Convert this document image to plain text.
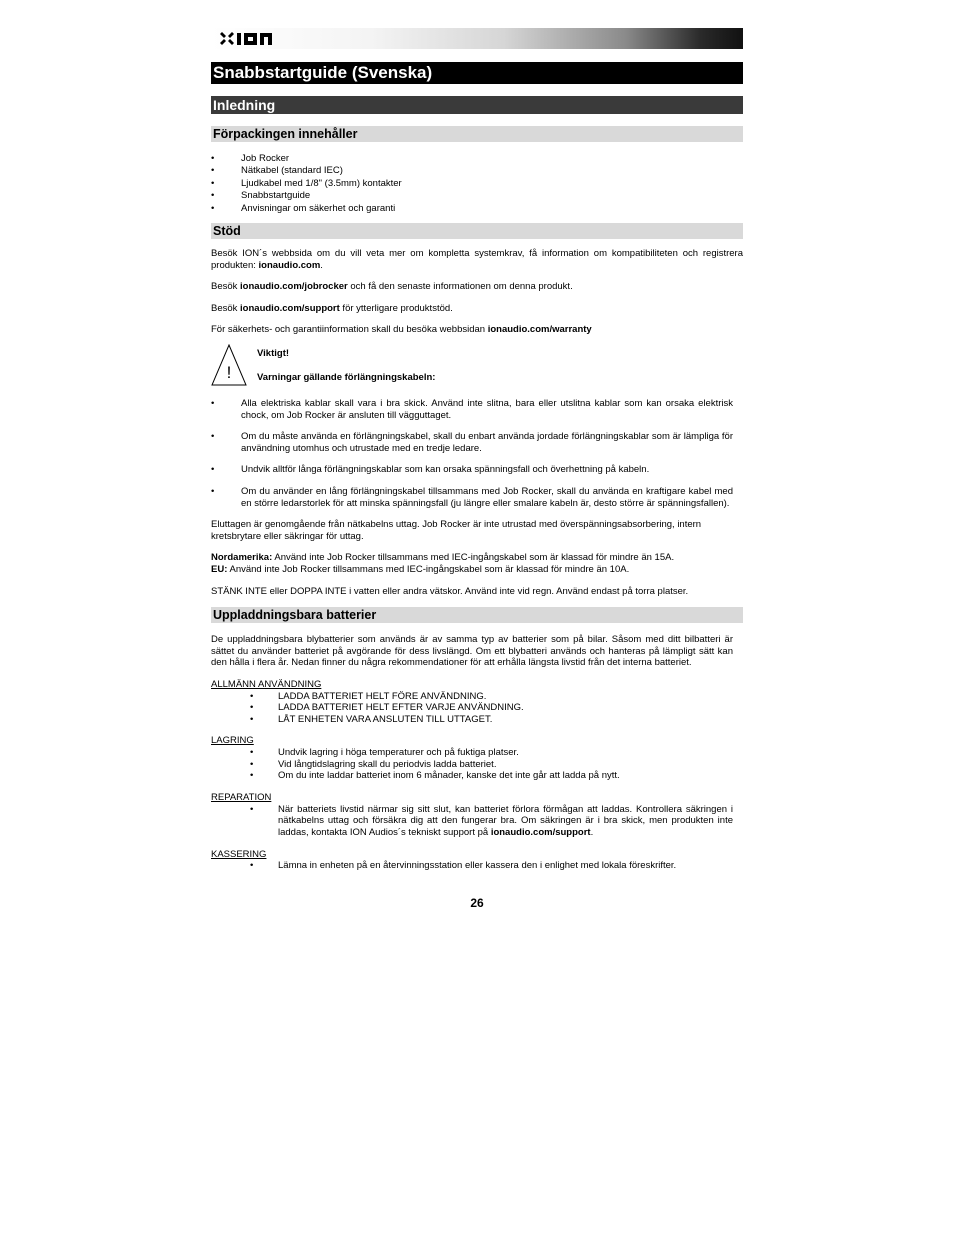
Snabbstartguide (Svenska)
Inledning
Förpackingen innehåller
•	Job Rocker
•	Nätkabel (standard IEC)
•	Ljudkabel med 1/8" (3.5mm) kontakter
•	Snabbstartguide
•	Anvisningar om säkerhet och garanti
Stöd

Besök ION´s webbsida om du vill veta mer om kompletta systemkrav, få information om kompatibiliteten och registrera produkten: ionaudio.com.

Besök ionaudio.com/jobrocker och få den senaste informationen om denna produkt.

Besök ionaudio.com/support för ytterligare produktstöd.

För säkerhets- och garantiinformation skall du besöka webbsidan ionaudio.com/warranty

!
Viktigt!
Varningar gällande förlängningskabeln:
•	Alla elektriska kablar skall vara i bra skick. Använd inte slitna, bara eller utslitna kablar som kan orsaka elektrisk chock, om Job Rocker är ansluten till vägguttaget.
•	Om du måste använda en förlängningskabel, skall du enbart använda jordade förlängningskablar som är lämpliga för användning utomhus och utrustade med en tredje ledare.
•	Undvik alltför långa förlängningskablar som kan orsaka spänningsfall och överhettning på kabeln.
•	Om du använder en lång förlängningskabel tillsammans med Job Rocker, skall du använda en kraftigare kabel med en större ledarstorlek för att minska spänningsfall (ju längre eller smalare kabeln är, desto större är spänningsfallen).

Eluttagen är genomgående från nätkabelns uttag. Job Rocker är inte utrustad med överspänningsabsorbering, intern kretsbrytare eller säkringar för uttag.

Nordamerika: Använd inte Job Rocker tillsammans med IEC-ingångskabel som är klassad för mindre än 15A.
EU: Använd inte Job Rocker tillsammans med IEC-ingångskabel som är klassad för mindre än 10A.

STÄNK INTE eller DOPPA INTE i vatten eller andra vätskor. Använd inte vid regn. Använd endast på torra platser.

Uppladdningsbara batterier

De uppladdningsbara blybatterier som används är av samma typ av batterier som på bilar. Såsom med ditt bilbatteri är sättet du använder batteriet på avgörande för dess livslängd. Om ett blybatteri används och hanteras på lämpligt sätt kan den hålla i flera år. Nedan finner du några rekommendationer för att erhålla längsta livstid från det interna batteriet.

ALLMÄNN ANVÄNDNING
•	LADDA BATTERIET HELT FÖRE ANVÄNDNING.
•	LADDA BATTERIET HELT EFTER VARJE ANVÄNDNING.
•	LÅT ENHETEN VARA ANSLUTEN TILL UTTAGET.
LAGRING
•	Undvik lagring i höga temperaturer och på fuktiga platser.
•	Vid långtidslagring skall du periodvis ladda batteriet.
•	Om du inte laddar batteriet inom 6 månader, kanske det inte går att ladda på nytt.
REPARATION
•	När batteriets livstid närmar sig sitt slut, kan batteriet förlora förmågan att laddas. Kontrollera säkringen i nätkabelns uttag och försäkra dig att den fungerar bra. Om säkringen är i bra skick, men produkten inte laddas, kontakta ION Audios´s tekniskt support på ionaudio.com/support.
KASSERING
•	Lämna in enheten på en återvinningsstation eller kassera den i enlighet med lokala föreskrifter.
26
